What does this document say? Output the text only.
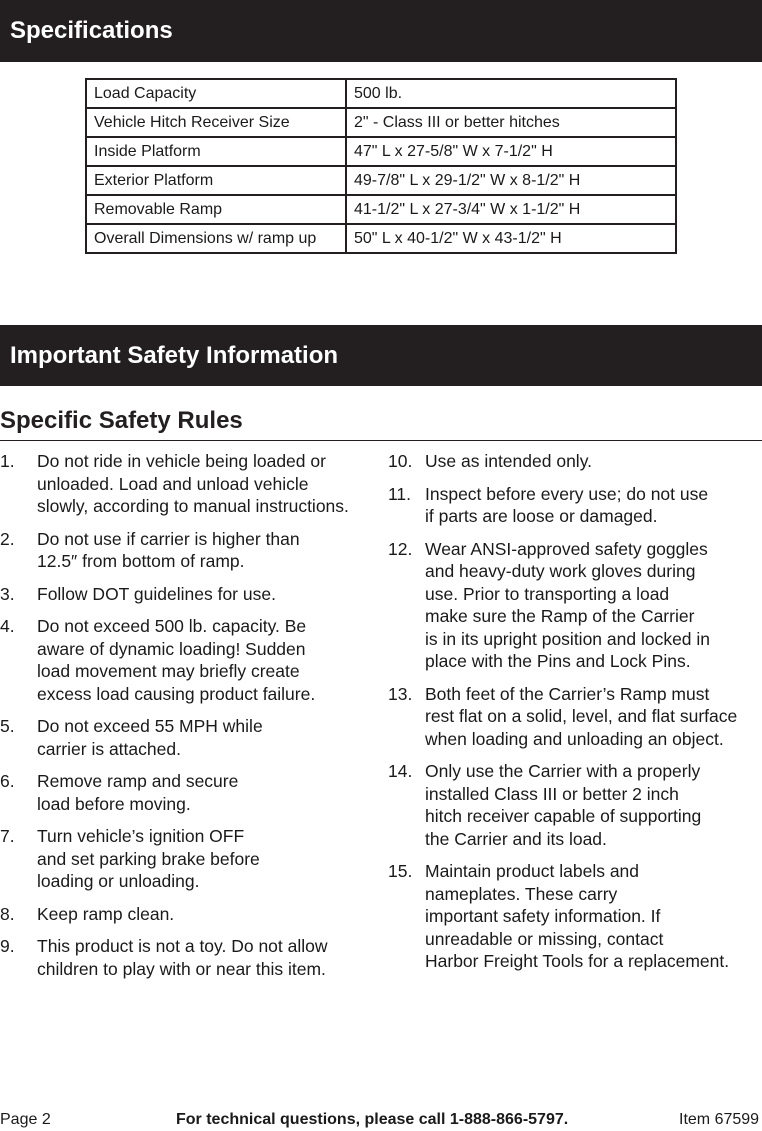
Specifications
Load Capacity	500 lb.
Vehicle Hitch Receiver Size	2" - Class III or better hitches
Inside Platform	47" L x 27-5/8" W x 7-1/2" H
Exterior Platform	49-7/8" L x 29-1/2" W x 8-1/2" H
Removable Ramp	41-1/2" L x 27-3/4" W x 1-1/2" H
Overall Dimensions w/ ramp up	50" L x 40-1/2" W x 43-1/2" H
Important Safety Information
Specific Safety Rules
1.	Do not ride in vehicle being loaded or
unloaded. Load and unload vehicle
slowly, according to manual instructions.
2.	Do not use if carrier is higher than
12.5″ from bottom of ramp.
3.	Follow DOT guidelines for use.
4.	Do not exceed 500 lb. capacity. Be
aware of dynamic loading! Sudden
load movement may briefly create
excess load causing product failure.
5.	Do not exceed 55 MPH while
carrier is attached.
6.	Remove ramp and secure
load before moving.
7.	Turn vehicle’s ignition OFF
and set parking brake before
loading or unloading.
8.	Keep ramp clean.
9.	This product is not a toy. Do not allow
children to play with or near this item.
10. Use as intended only.
11. Inspect before every use; do not use
if parts are loose or damaged.
12. Wear ANSI-approved safety goggles
and heavy-duty work gloves during
use. Prior to transporting a load
make sure the Ramp of the Carrier
is in its upright position and locked in
place with the Pins and Lock Pins.
13. Both feet of the Carrier’s Ramp must
rest flat on a solid, level, and flat surface
when loading and unloading an object.
14. Only use the Carrier with a properly
installed Class III or better 2 inch
hitch receiver capable of supporting
the Carrier and its load.
15. Maintain product labels and
nameplates. These carry
important safety information. If
unreadable or missing, contact
Harbor Freight Tools for a replacement.
Page 2	For technical questions, please call 1-888-866-5797.	Item 67599
